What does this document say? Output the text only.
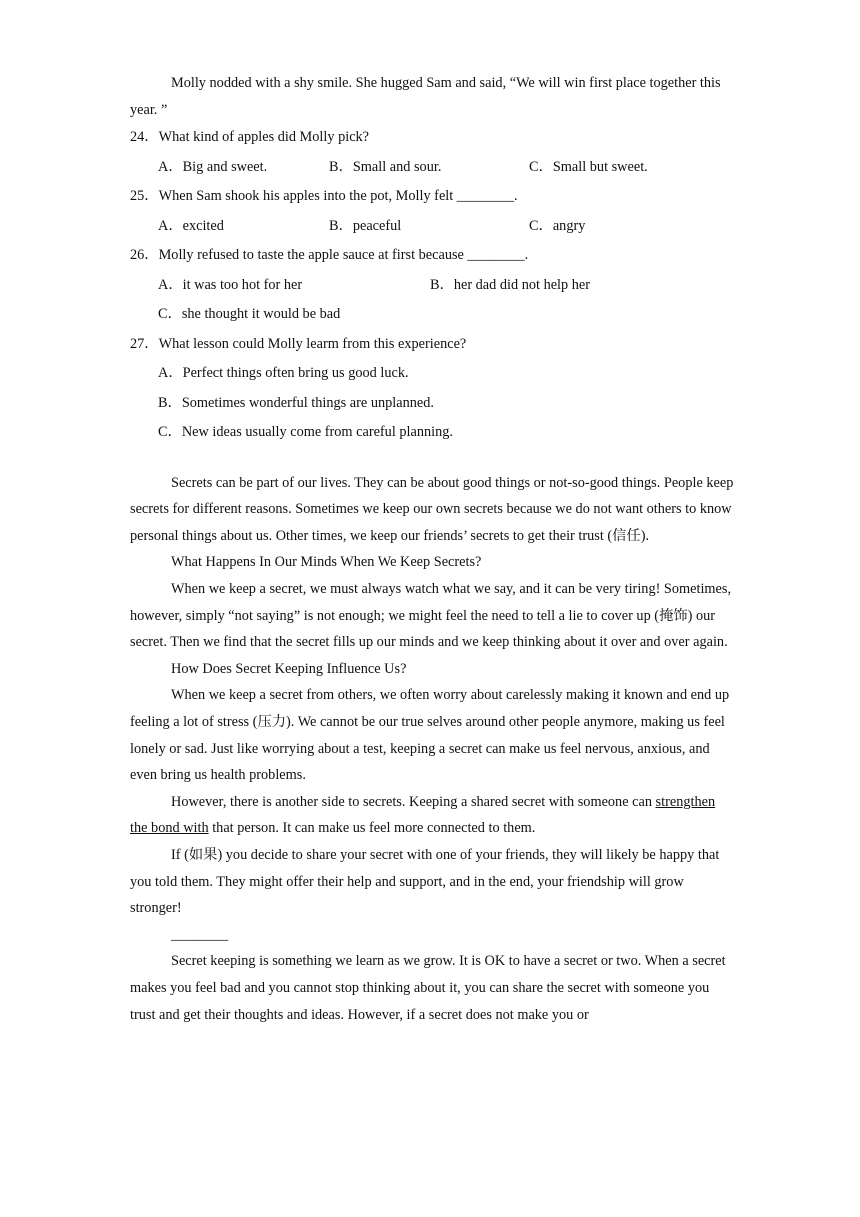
Molly nodded with a shy smile. She hugged Sam and said, “We will win first place together this year. ”

24．What kind of apples did Molly pick?

A．Big and sweet.	B．Small and sour.	C．Small but sweet.

25．When Sam shook his apples into the pot, Molly felt ________.

A．excited	B．peaceful	C．angry

26．Molly refused to taste the apple sauce at first because ________.

A．it was too hot for her	B．her dad did not help her

C．she thought it would be bad

27．What lesson could Molly learm from this experience?

A．Perfect things often bring us good luck.

B．Sometimes wonderful things are unplanned.

C．New ideas usually come from careful planning.

Secrets can be part of our lives. They can be about good things or not-so-good things. People keep secrets for different reasons. Sometimes we keep our own secrets because we do not want others to know personal things about us. Other times, we keep our friends’ secrets to get their trust (信任).

What Happens In Our Minds When We Keep Secrets?

When we keep a secret, we must always watch what we say, and it can be very tiring! Sometimes, however, simply “not saying” is not enough; we might feel the need to tell a lie to cover up (掩饰) our secret. Then we find that the secret fills up our minds and we keep thinking about it over and over again.

How Does Secret Keeping Influence Us?

When we keep a secret from others, we often worry about carelessly making it known and end up feeling a lot of stress (压力). We cannot be our true selves around other people anymore, making us feel lonely or sad. Just like worrying about a test, keeping a secret can make us feel nervous, anxious, and even bring us health problems.

However, there is another side to secrets. Keeping a shared secret with someone can strengthen the bond with that person. It can make us feel more connected to them.

If (如果) you decide to share your secret with one of your friends, they will likely be happy that you told them. They might offer their help and support, and in the end, your friendship will grow stronger!

________

Secret keeping is something we learn as we grow. It is OK to have a secret or two. When a secret makes you feel bad and you cannot stop thinking about it, you can share the secret with someone you trust and get their thoughts and ideas. However, if a secret does not make you or
